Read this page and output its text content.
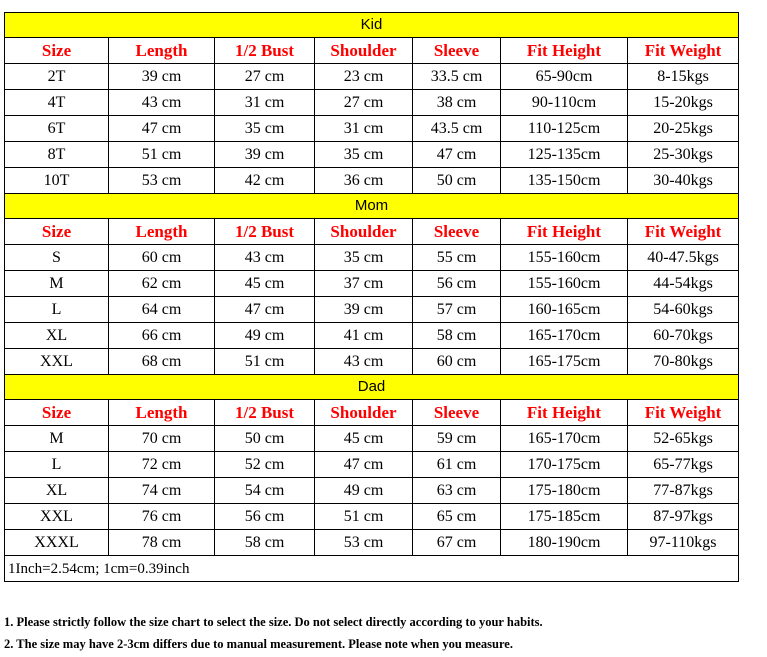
Kid						
Size	Length	1/2 Bust	Shoulder	Sleeve	Fit Height	Fit Weight
2T	39 cm	27 cm	23 cm	33.5 cm	65-90cm	8-15kgs
4T	43 cm	31 cm	27 cm	38 cm	90-110cm	15-20kgs
6T	47 cm	35 cm	31 cm	43.5 cm	110-125cm	20-25kgs
8T	51 cm	39 cm	35 cm	47 cm	125-135cm	25-30kgs
10T	53 cm	42 cm	36 cm	50 cm	135-150cm	30-40kgs
Mom						
Size	Length	1/2 Bust	Shoulder	Sleeve	Fit Height	Fit Weight
S	60 cm	43 cm	35 cm	55 cm	155-160cm	40-47.5kgs
M	62 cm	45 cm	37 cm	56 cm	155-160cm	44-54kgs
L	64 cm	47 cm	39 cm	57 cm	160-165cm	54-60kgs
XL	66 cm	49 cm	41 cm	58 cm	165-170cm	60-70kgs
XXL	68 cm	51 cm	43 cm	60 cm	165-175cm	70-80kgs
Dad						
Size	Length	1/2 Bust	Shoulder	Sleeve	Fit Height	Fit Weight
M	70 cm	50 cm	45 cm	59 cm	165-170cm	52-65kgs
L	72 cm	52 cm	47 cm	61 cm	170-175cm	65-77kgs
XL	74 cm	54 cm	49 cm	63 cm	175-180cm	77-87kgs
XXL	76 cm	56 cm	51 cm	65 cm	175-185cm	87-97kgs
XXXL	78 cm	58 cm	53 cm	67 cm	180-190cm	97-110kgs
1Inch=2.54cm; 1cm=0.39inch						
1. Please strictly follow the size chart to select the size. Do not select directly according to your habits.
2. The size may have 2-3cm differs due to manual measurement. Please note when you measure.
